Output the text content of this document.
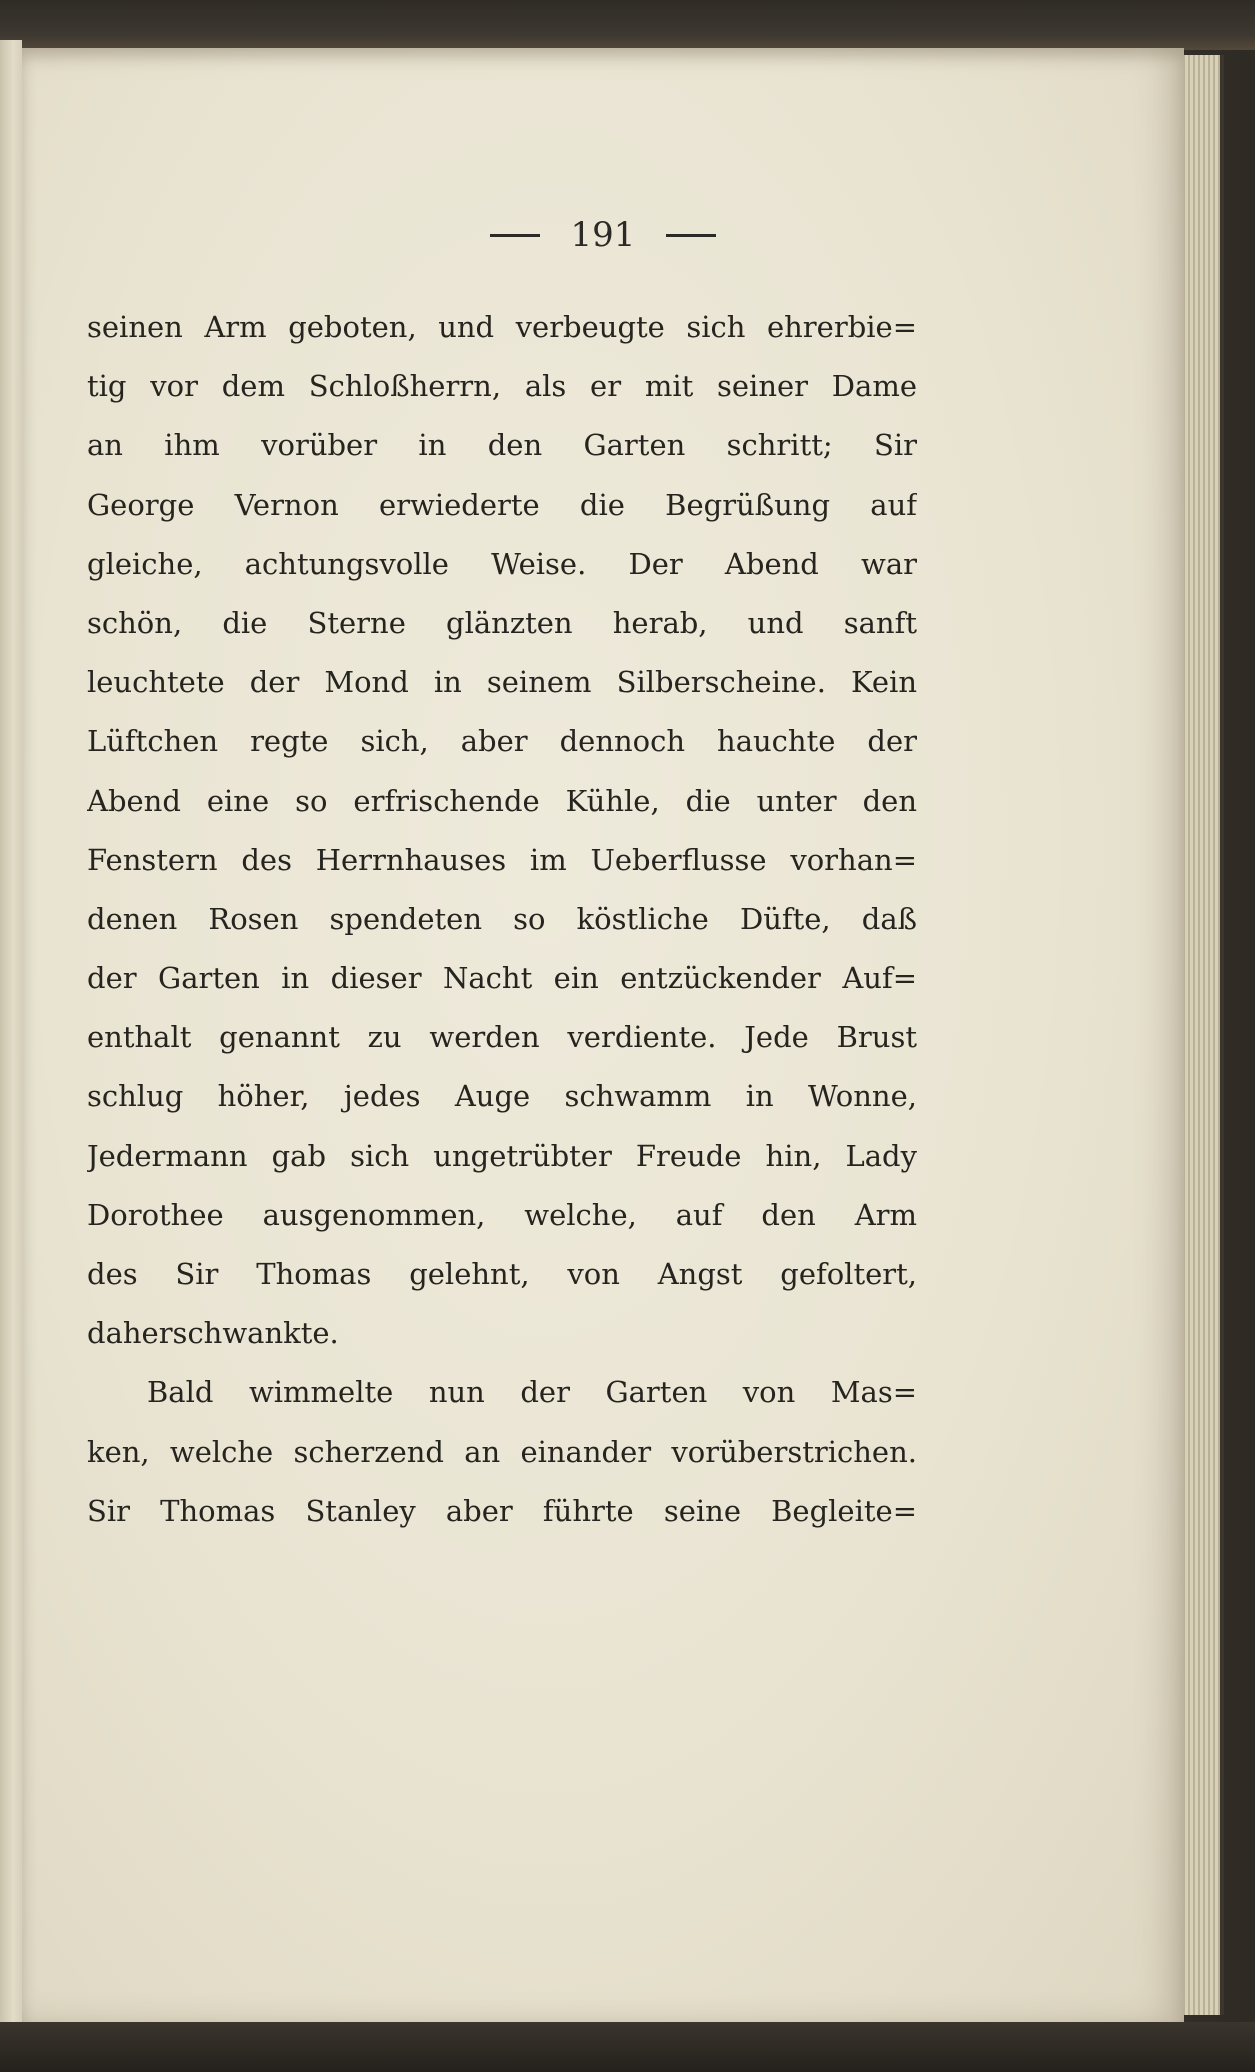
191
seinen Arm geboten, und verbeugte sich ehrerbie=
tig vor dem Schloßherrn, als er mit seiner Dame
an ihm vorüber in den Garten schritt; Sir
George Vernon erwiederte die Begrüßung auf
gleiche, achtungsvolle Weise. Der Abend war
schön, die Sterne glänzten herab, und sanft
leuchtete der Mond in seinem Silberscheine. Kein
Lüftchen regte sich, aber dennoch hauchte der
Abend eine so erfrischende Kühle, die unter den
Fenstern des Herrnhauses im Ueberflusse vorhan=
denen Rosen spendeten so köstliche Düfte, daß
der Garten in dieser Nacht ein entzückender Auf=
enthalt genannt zu werden verdiente. Jede Brust
schlug höher, jedes Auge schwamm in Wonne,
Jedermann gab sich ungetrübter Freude hin, Lady
Dorothee ausgenommen, welche, auf den Arm
des Sir Thomas gelehnt, von Angst gefoltert,
daherschwankte.
Bald wimmelte nun der Garten von Mas=
ken, welche scherzend an einander vorüberstrichen.
Sir Thomas Stanley aber führte seine Begleite=
